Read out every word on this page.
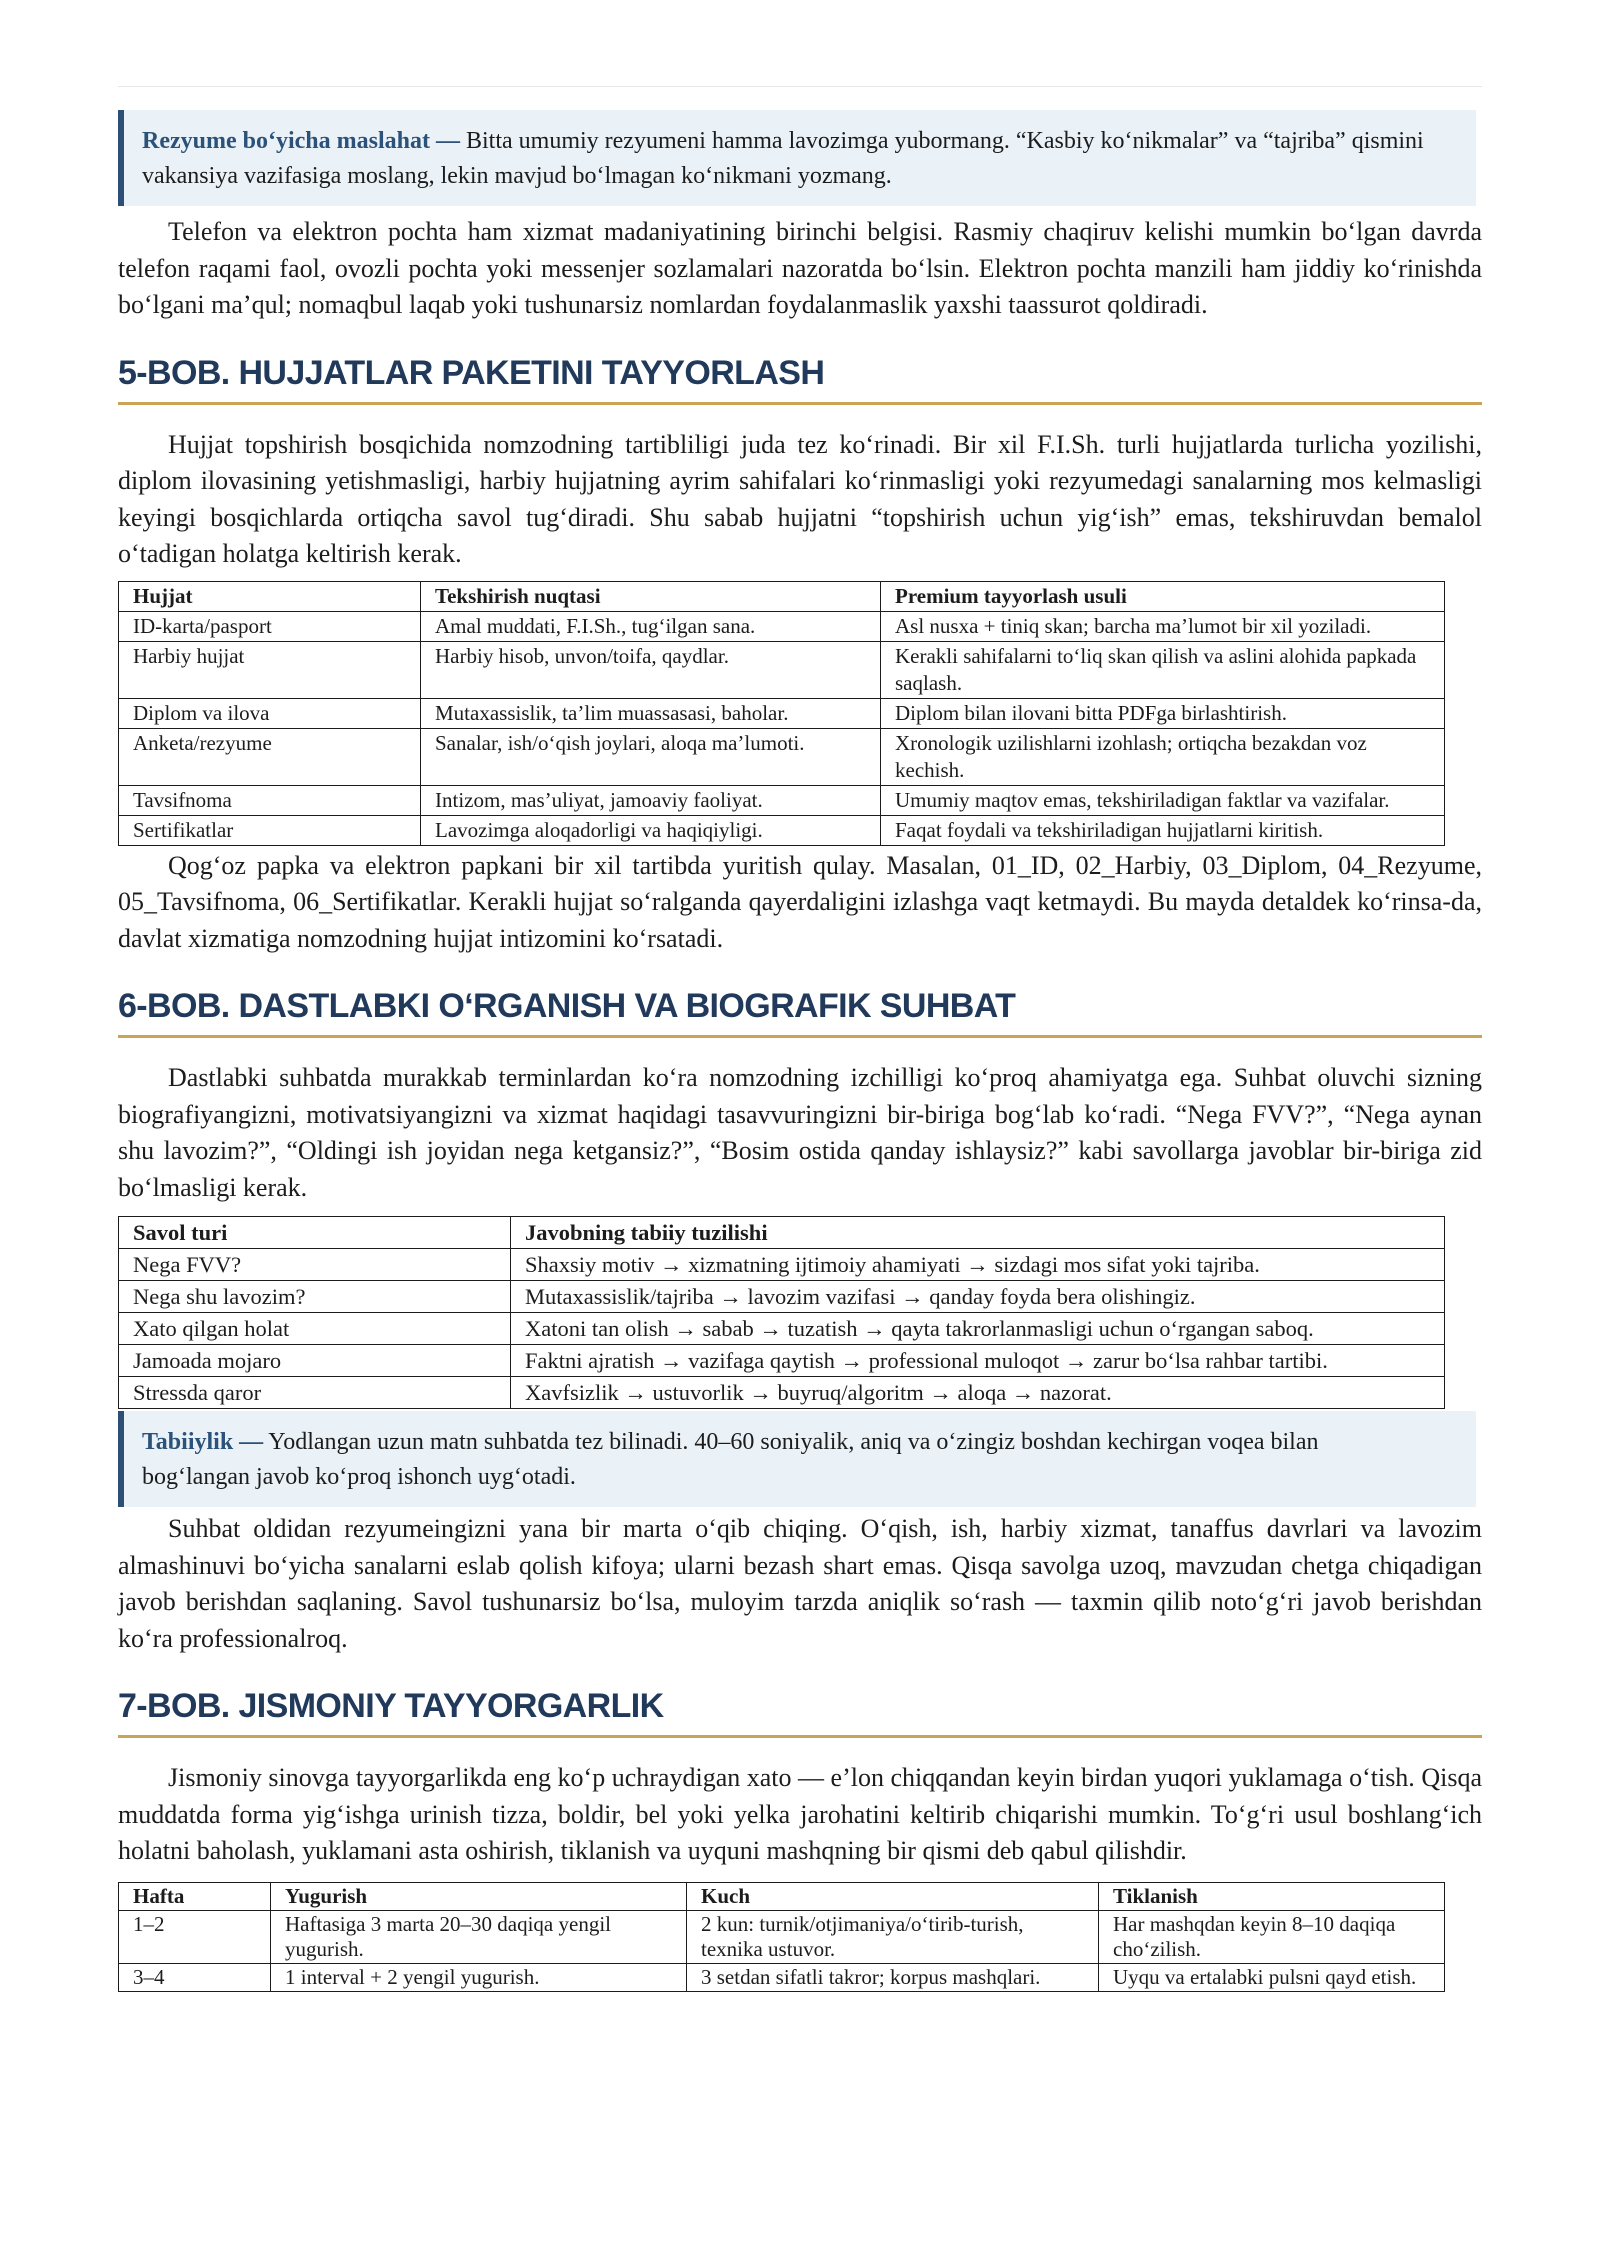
Rezyume bo‘yicha maslahat — Bitta umumiy rezyumeni hamma lavozimga yubormang. “Kasbiy ko‘nikmalar” va “tajriba” qismini vakansiya vazifasiga moslang, lekin mavjud bo‘lmagan ko‘nikmani yozmang.

Telefon va elektron pochta ham xizmat madaniyatining birinchi belgisi. Rasmiy chaqiruv kelishi mumkin bo‘lgan davrda telefon raqami faol, ovozli pochta yoki messenjer sozlamalari nazoratda bo‘lsin. Elektron pochta manzili ham jiddiy ko‘rinishda bo‘lgani ma’qul; nomaqbul laqab yoki tushunarsiz nomlardan foydalanmaslik yaxshi taassurot qoldiradi.

5-BOB. HUJJATLAR PAKETINI TAYYORLASH

Hujjat topshirish bosqichida nomzodning tartibliligi juda tez ko‘rinadi. Bir xil F.I.Sh. turli hujjatlarda turlicha yozilishi, diplom ilovasining yetishmasligi, harbiy hujjatning ayrim sahifalari ko‘rinmasligi yoki rezyumedagi sanalarning mos kelmasligi keyingi bosqichlarda ortiqcha savol tug‘diradi. Shu sabab hujjatni “topshirish uchun yig‘ish” emas, tekshiruvdan bemalol o‘tadigan holatga keltirish kerak.

Hujjat	Tekshirish nuqtasi	Premium tayyorlash usuli
ID-karta/pasport	Amal muddati, F.I.Sh., tug‘ilgan sana.	Asl nusxa + tiniq skan; barcha ma’lumot bir xil yoziladi.
Harbiy hujjat	Harbiy hisob, unvon/toifa, qaydlar.	Kerakli sahifalarni to‘liq skan qilish va aslini alohida papkada saqlash.
Diplom va ilova	Mutaxassislik, ta’lim muassasasi, baholar.	Diplom bilan ilovani bitta PDFga birlashtirish.
Anketa/rezyume	Sanalar, ish/o‘qish joylari, aloqa ma’lumoti.	Xronologik uzilishlarni izohlash; ortiqcha bezakdan voz kechish.
Tavsifnoma	Intizom, mas’uliyat, jamoaviy faoliyat.	Umumiy maqtov emas, tekshiriladigan faktlar va vazifalar.
Sertifikatlar	Lavozimga aloqadorligi va haqiqiyligi.	Faqat foydali va tekshiriladigan hujjatlarni kiritish.

Qog‘oz papka va elektron papkani bir xil tartibda yuritish qulay. Masalan, 01_ID, 02_Harbiy, 03_Diplom, 04_Rezyume, 05_Tavsifnoma, 06_Sertifikatlar. Kerakli hujjat so‘ralganda qayerdaligini izlashga vaqt ketmaydi. Bu mayda detaldek ko‘rinsa-da, davlat xizmatiga nomzodning hujjat intizomini ko‘rsatadi.

6-BOB. DASTLABKI O‘RGANISH VA BIOGRAFIK SUHBAT

Dastlabki suhbatda murakkab terminlardan ko‘ra nomzodning izchilligi ko‘proq ahamiyatga ega. Suhbat oluvchi sizning biografiyangizni, motivatsiyangizni va xizmat haqidagi tasavvuringizni bir-biriga bog‘lab ko‘radi. “Nega FVV?”, “Nega aynan shu lavozim?”, “Oldingi ish joyidan nega ketgansiz?”, “Bosim ostida qanday ishlaysiz?” kabi savollarga javoblar bir-biriga zid bo‘lmasligi kerak.

Savol turi	Javobning tabiiy tuzilishi
Nega FVV?	Shaxsiy motiv → xizmatning ijtimoiy ahamiyati → sizdagi mos sifat yoki tajriba.
Nega shu lavozim?	Mutaxassislik/tajriba → lavozim vazifasi → qanday foyda bera olishingiz.
Xato qilgan holat	Xatoni tan olish → sabab → tuzatish → qayta takrorlanmasligi uchun o‘rgangan saboq.
Jamoada mojaro	Faktni ajratish → vazifaga qaytish → professional muloqot → zarur bo‘lsa rahbar tartibi.
Stressda qaror	Xavfsizlik → ustuvorlik → buyruq/algoritm → aloqa → nazorat.
Tabiiylik — Yodlangan uzun matn suhbatda tez bilinadi. 40–60 soniyalik, aniq va o‘zingiz boshdan kechirgan voqea bilan bog‘langan javob ko‘proq ishonch uyg‘otadi.

Suhbat oldidan rezyumeingizni yana bir marta o‘qib chiqing. O‘qish, ish, harbiy xizmat, tanaffus davrlari va lavozim almashinuvi bo‘yicha sanalarni eslab qolish kifoya; ularni bezash shart emas. Qisqa savolga uzoq, mavzudan chetga chiqadigan javob berishdan saqlaning. Savol tushunarsiz bo‘lsa, muloyim tarzda aniqlik so‘rash — taxmin qilib noto‘g‘ri javob berishdan ko‘ra professionalroq.

7-BOB. JISMONIY TAYYORGARLIK

Jismoniy sinovga tayyorgarlikda eng ko‘p uchraydigan xato — e’lon chiqqandan keyin birdan yuqori yuklamaga o‘tish. Qisqa muddatda forma yig‘ishga urinish tizza, boldir, bel yoki yelka jarohatini keltirib chiqarishi mumkin. To‘g‘ri usul boshlang‘ich holatni baholash, yuklamani asta oshirish, tiklanish va uyquni mashqning bir qismi deb qabul qilishdir.

Hafta	Yugurish	Kuch	Tiklanish
1–2	Haftasiga 3 marta 20–30 daqiqa yengil yugurish.	2 kun: turnik/otjimaniya/o‘tirib-turish, texnika ustuvor.	Har mashqdan keyin 8–10 daqiqa cho‘zilish.
3–4	1 interval + 2 yengil yugurish.	3 setdan sifatli takror; korpus mashqlari.	Uyqu va ertalabki pulsni qayd etish.
